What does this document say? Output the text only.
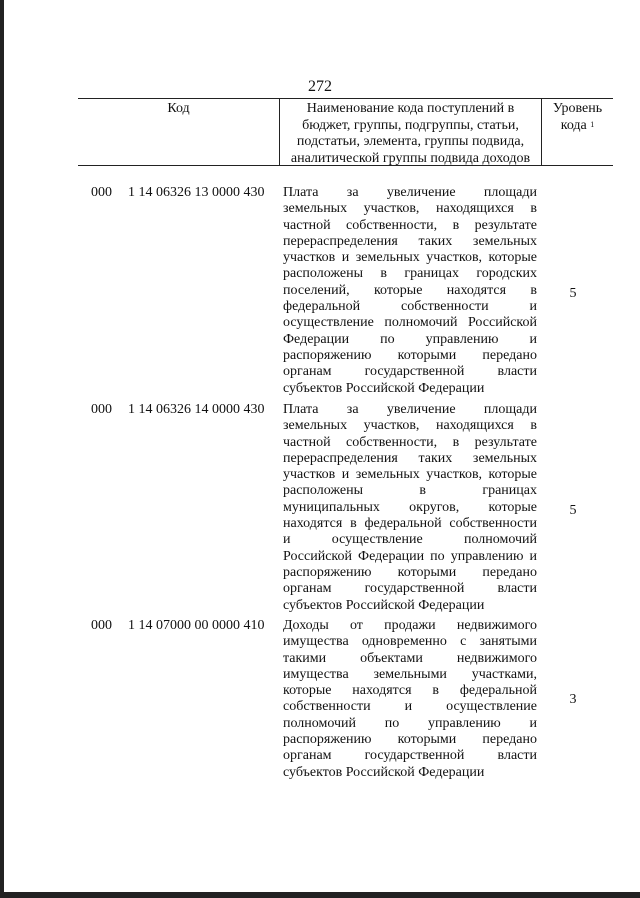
272
Код	Наименование кода поступлений в
бюджет, группы, подгруппы, статьи,
подстатьи, элемента, группы подвида,
аналитической группы подвида доходов
Уровень
кода $^1$
000 1 14 06326 13 0000 430 Плата за увеличение площади
земельных участков, находящихся в
частной собственности, в результате
перераспределения таких земельных
участков и земельных участков, которые
расположены в границах городских
поселений, которые находятся в
федеральной собственности и
осуществление полномочий Российской
Федерации по управлению и
распоряжению которыми передано
органам государственной власти
субъектов Российской Федерации
5
000 1 14 06326 14 0000 430 Плата за увеличение площади
земельных участков, находящихся в
частной собственности, в результате
перераспределения таких земельных
участков и земельных участков, которые
расположены в границах
муниципальных округов, которые
находятся в федеральной собственности
и осуществление полномочий
Российской Федерации по управлению и
распоряжению которыми передано
органам государственной власти
субъектов Российской Федерации
5
000 1 14 07000 00 0000 410 Доходы от продажи недвижимого
имущества одновременно с занятыми
такими объектами недвижимого
имущества земельными участками,
которые находятся в федеральной
собственности и осуществление
полномочий по управлению и
распоряжению которыми передано
органам государственной власти
субъектов Российской Федерации
3
